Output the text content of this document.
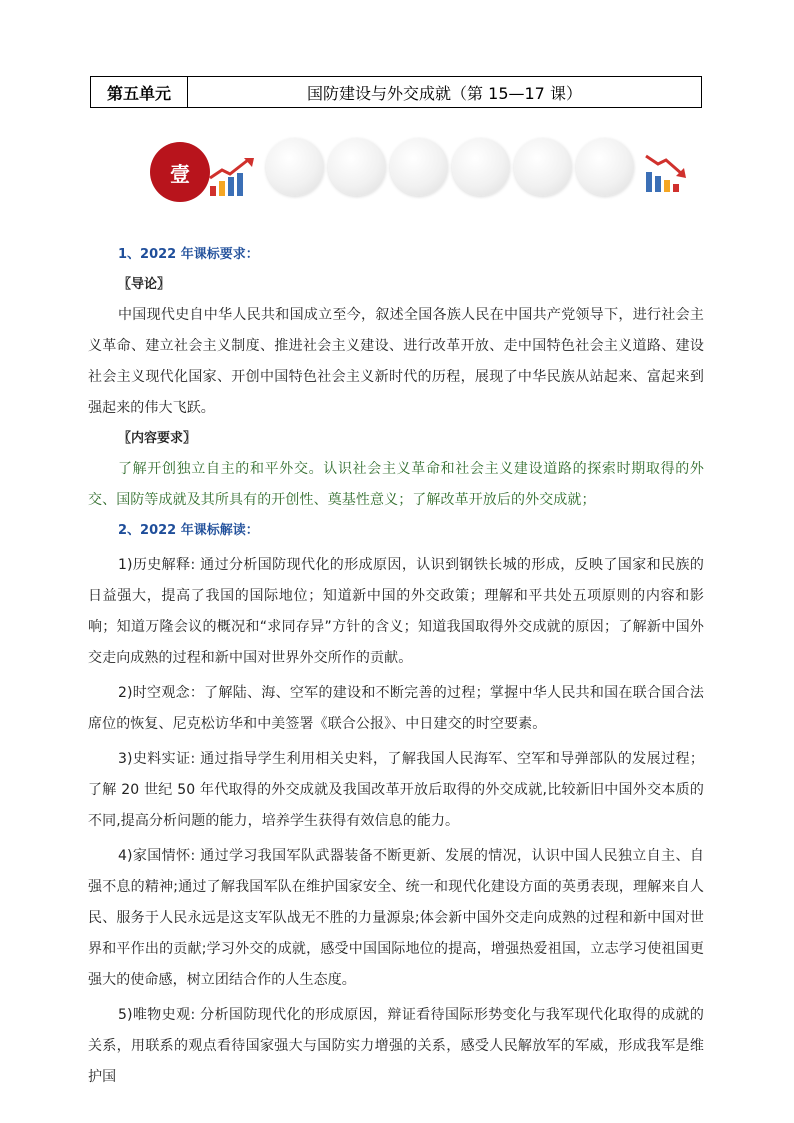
第五单元	国防建设与外交成就（第 15—17 课）
壹
1、2022 年课标要求：
〖导论〗

中国现代史自中华人民共和国成立至今，叙述全国各族人民在中国共产党领导下，进行社会主义革命、建立社会主义制度、推进社会主义建设、进行改革开放、走中国特色社会主义道路、建设社会主义现代化国家、开创中国特色社会主义新时代的历程，展现了中华民族从站起来、富起来到强起来的伟大飞跃。

〖内容要求〗

了解开创独立自主的和平外交。认识社会主义革命和社会主义建设道路的探索时期取得的外交、国防等成就及其所具有的开创性、奠基性意义；了解改革开放后的外交成就；

2、2022 年课标解读：

1)历史解释: 通过分析国防现代化的形成原因，认识到钢铁长城的形成，反映了国家和民族的日益强大，提高了我国的国际地位；知道新中国的外交政策；理解和平共处五项原则的内容和影响；知道万隆会议的概况和“求同存异”方针的含义；知道我国取得外交成就的原因；了解新中国外交走向成熟的过程和新中国对世界外交所作的贡献。

2)时空观念：了解陆、海、空军的建设和不断完善的过程；掌握中华人民共和国在联合国合法席位的恢复、尼克松访华和中美签署《联合公报》、中日建交的时空要素。

3)史料实证: 通过指导学生利用相关史料，了解我国人民海军、空军和导弹部队的发展过程；了解 20 世纪 50 年代取得的外交成就及我国改革开放后取得的外交成就,比较新旧中国外交本质的不同,提高分析问题的能力，培养学生获得有效信息的能力。

4)家国情怀: 通过学习我国军队武器装备不断更新、发展的情况，认识中国人民独立自主、自强不息的精神;通过了解我国军队在维护国家安全、统一和现代化建设方面的英勇表现，理解来自人民、服务于人民永远是这支军队战无不胜的力量源泉;体会新中国外交走向成熟的过程和新中国对世界和平作出的贡献;学习外交的成就，感受中国国际地位的提高，增强热爱祖国，立志学习使祖国更强大的使命感，树立团结合作的人生态度。

5)唯物史观: 分析国防现代化的形成原因，辩证看待国际形势变化与我军现代化取得的成就的关系，用联系的观点看待国家强大与国防实力增强的关系，感受人民解放军的军威，形成我军是维护国
